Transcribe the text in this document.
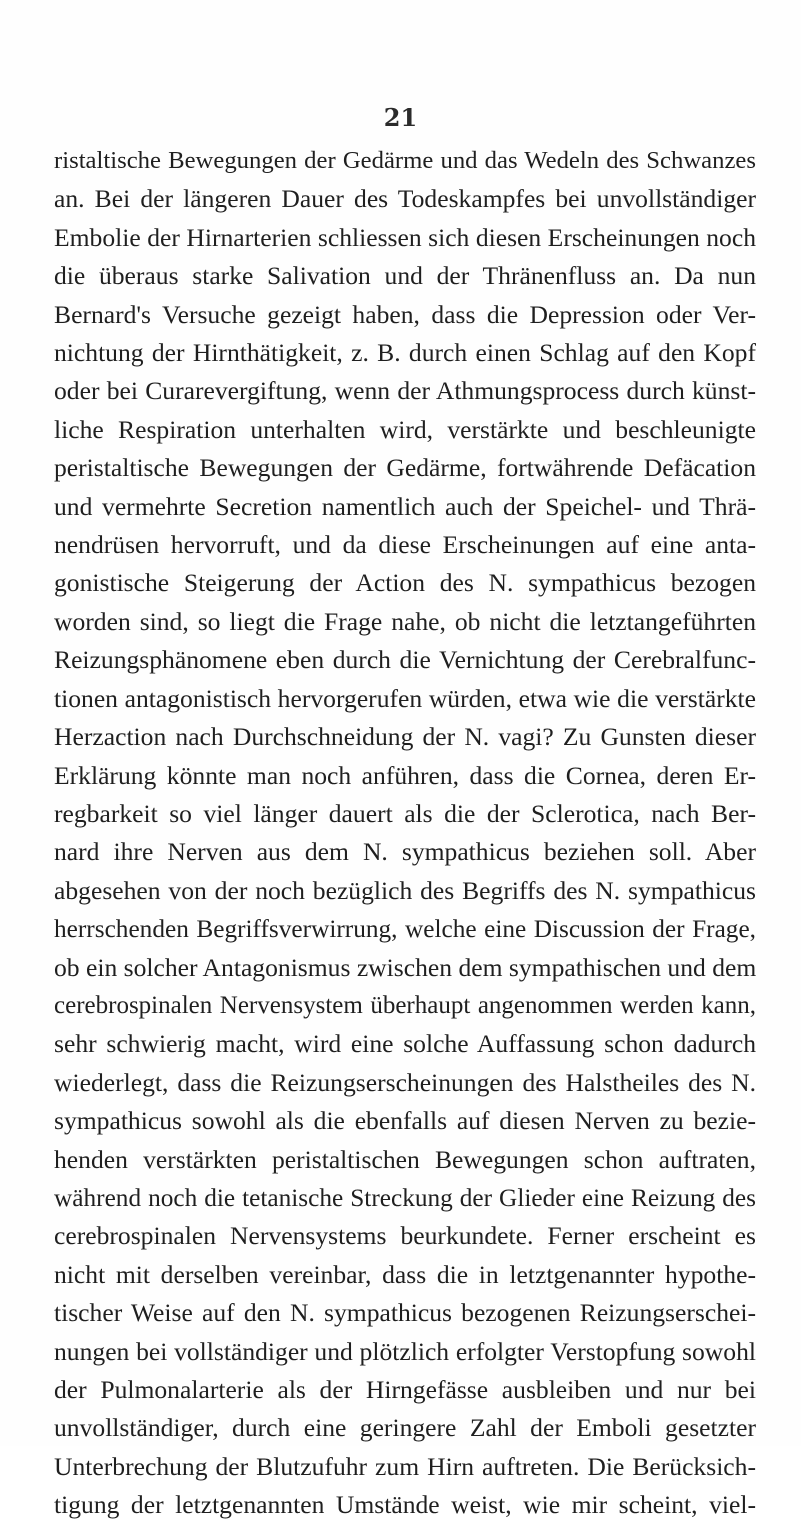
21
ristaltische Bewegungen der Gedärme und das Wedeln des Schwanzes
an. Bei der längeren Dauer des Todeskampfes bei unvollständiger
Embolie der Hirnarterien schliessen sich diesen Erscheinungen noch
die überaus starke Salivation und der Thränenfluss an. Da nun
Bernard's Versuche gezeigt haben, dass die Depression oder Ver-
nichtung der Hirnthätigkeit, z. B. durch einen Schlag auf den Kopf
oder bei Curarevergiftung, wenn der Athmungsprocess durch künst-
liche Respiration unterhalten wird, verstärkte und beschleunigte
peristaltische Bewegungen der Gedärme, fortwährende Defäcation
und vermehrte Secretion namentlich auch der Speichel- und Thrä-
nendrüsen hervorruft, und da diese Erscheinungen auf eine anta-
gonistische Steigerung der Action des N. sympathicus bezogen
worden sind, so liegt die Frage nahe, ob nicht die letztangeführten
Reizungsphänomene eben durch die Vernichtung der Cerebralfunc-
tionen antagonistisch hervorgerufen würden, etwa wie die verstärkte
Herzaction nach Durchschneidung der N. vagi? Zu Gunsten dieser
Erklärung könnte man noch anführen, dass die Cornea, deren Er-
regbarkeit so viel länger dauert als die der Sclerotica, nach Ber-
nard ihre Nerven aus dem N. sympathicus beziehen soll. Aber
abgesehen von der noch bezüglich des Begriffs des N. sympathicus
herrschenden Begriffsverwirrung, welche eine Discussion der Frage,
ob ein solcher Antagonismus zwischen dem sympathischen und dem
cerebrospinalen Nervensystem überhaupt angenommen werden kann,
sehr schwierig macht, wird eine solche Auffassung schon dadurch
wiederlegt, dass die Reizungserscheinungen des Halstheiles des N.
sympathicus sowohl als die ebenfalls auf diesen Nerven zu bezie-
henden verstärkten peristaltischen Bewegungen schon auftraten,
während noch die tetanische Streckung der Glieder eine Reizung des
cerebrospinalen Nervensystems beurkundete. Ferner erscheint es
nicht mit derselben vereinbar, dass die in letztgenannter hypothe-
tischer Weise auf den N. sympathicus bezogenen Reizungserschei-
nungen bei vollständiger und plötzlich erfolgter Verstopfung sowohl
der Pulmonalarterie als der Hirngefässe ausbleiben und nur bei
unvollständiger, durch eine geringere Zahl der Emboli gesetzter
Unterbrechung der Blutzufuhr zum Hirn auftreten. Die Berücksich-
tigung der letztgenannten Umstände weist, wie mir scheint, viel-
